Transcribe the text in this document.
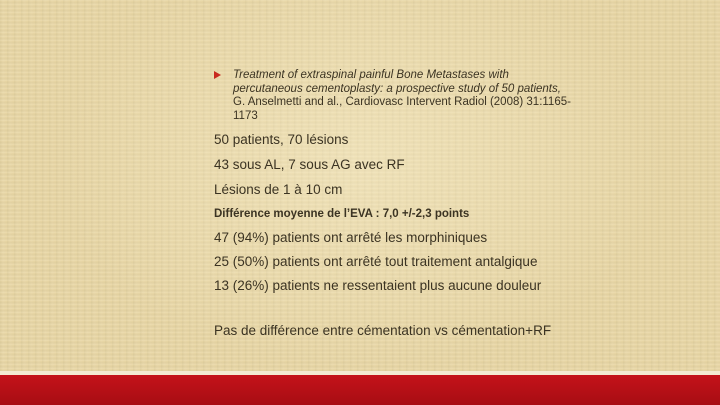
Treatment of extraspinal painful Bone Metastases with percutaneous cementoplasty: a prospective study of 50 patients, G. Anselmetti and al., Cardiovasc Intervent Radiol (2008) 31:1165-1173
50 patients, 70 lésions
43 sous AL, 7 sous AG avec RF
Lésions de 1 à 10 cm
Différence moyenne de l’EVA : 7,0 +/-2,3 points
47 (94%) patients ont arrêté les morphiniques
25 (50%) patients ont arrêté tout traitement antalgique
13 (26%) patients ne ressentaient plus aucune douleur
Pas de différence entre cémentation vs cémentation+RF
